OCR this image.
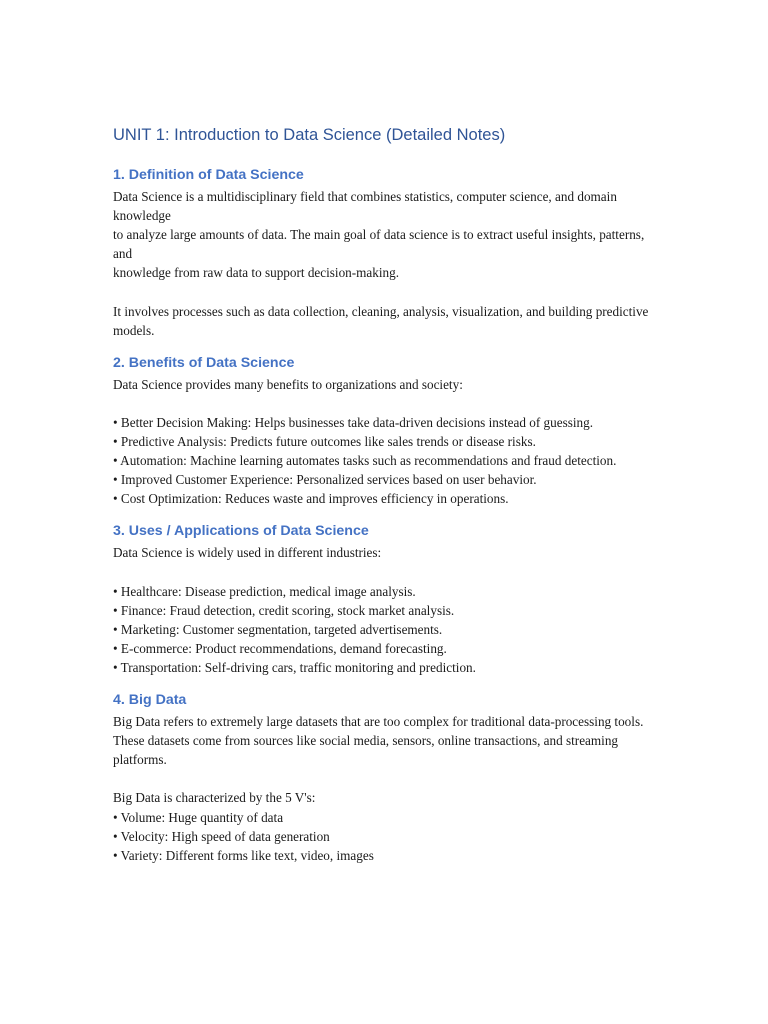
UNIT 1: Introduction to Data Science (Detailed Notes)
1. Definition of Data Science
Data Science is a multidisciplinary field that combines statistics, computer science, and domain knowledge
to analyze large amounts of data. The main goal of data science is to extract useful insights, patterns, and
knowledge from raw data to support decision-making.
It involves processes such as data collection, cleaning, analysis, visualization, and building predictive models.
2. Benefits of Data Science
Data Science provides many benefits to organizations and society:
• Better Decision Making: Helps businesses take data-driven decisions instead of guessing.
• Predictive Analysis: Predicts future outcomes like sales trends or disease risks.
• Automation: Machine learning automates tasks such as recommendations and fraud detection.
• Improved Customer Experience: Personalized services based on user behavior.
• Cost Optimization: Reduces waste and improves efficiency in operations.
3. Uses / Applications of Data Science
Data Science is widely used in different industries:
• Healthcare: Disease prediction, medical image analysis.
• Finance: Fraud detection, credit scoring, stock market analysis.
• Marketing: Customer segmentation, targeted advertisements.
• E-commerce: Product recommendations, demand forecasting.
• Transportation: Self-driving cars, traffic monitoring and prediction.
4. Big Data
Big Data refers to extremely large datasets that are too complex for traditional data-processing tools.
These datasets come from sources like social media, sensors, online transactions, and streaming platforms.
Big Data is characterized by the 5 V's:
• Volume: Huge quantity of data
• Velocity: High speed of data generation
• Variety: Different forms like text, video, images
